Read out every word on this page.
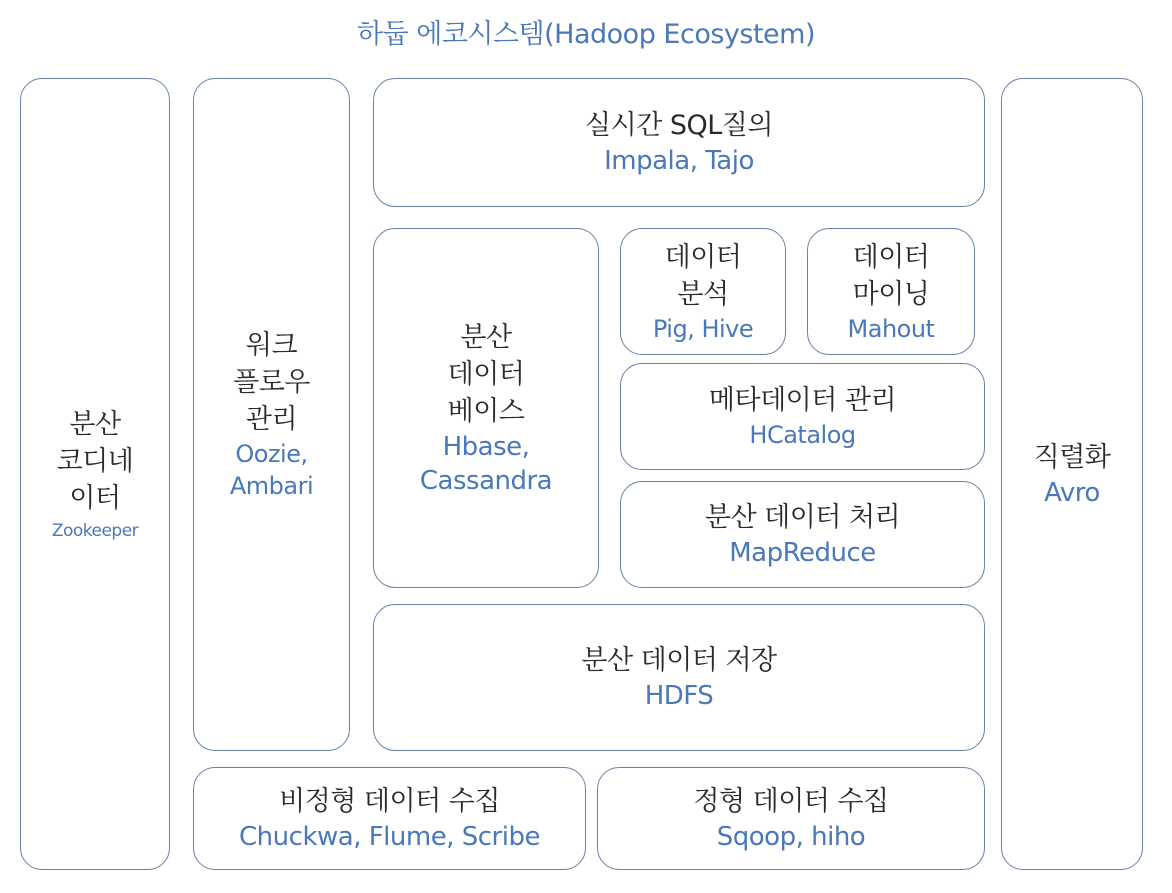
하둡 에코시스템(Hadoop Ecosystem)
분산
코디네
이터
Zookeeper
워크
플로우
관리
Oozie,
Ambari
실시간 SQL질의
Impala, Tajo
분산
데이터
베이스
Hbase,
Cassandra
데이터
분석
Pig, Hive
데이터
마이닝
Mahout
메타데이터 관리
HCatalog
분산 데이터 처리
MapReduce
분산 데이터 저장
HDFS
비정형 데이터 수집
Chuckwa, Flume, Scribe
정형 데이터 수집
Sqoop, hiho
직렬화
Avro
